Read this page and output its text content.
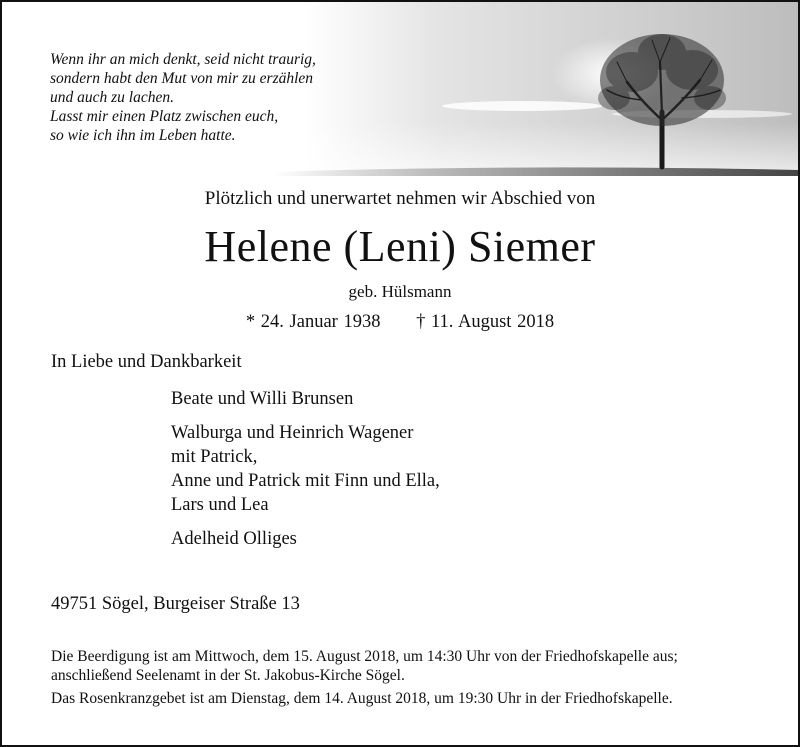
Wenn ihr an mich denkt, seid nicht traurig,
sondern habt den Mut von mir zu erzählen
und auch zu lachen.
Lasst mir einen Platz zwischen euch,
so wie ich ihn im Leben hatte.
Plötzlich und unerwartet nehmen wir Abschied von
Helene (Leni) Siemer
geb. Hülsmann
* 24. Januar 1938 † 11. August 2018
In Liebe und Dankbarkeit
Beate und Willi Brunsen
Walburga und Heinrich Wagener
mit Patrick,
Anne und Patrick mit Finn und Ella,
Lars und Lea
Adelheid Olliges
49751 Sögel, Burgeiser Straße 13
Die Beerdigung ist am Mittwoch, dem 15. August 2018, um 14:30 Uhr von der Friedhofskapelle aus;
anschließend Seelenamt in der St. Jakobus-Kirche Sögel.
Das Rosenkranzgebet ist am Dienstag, dem 14. August 2018, um 19:30 Uhr in der Friedhofskapelle.
